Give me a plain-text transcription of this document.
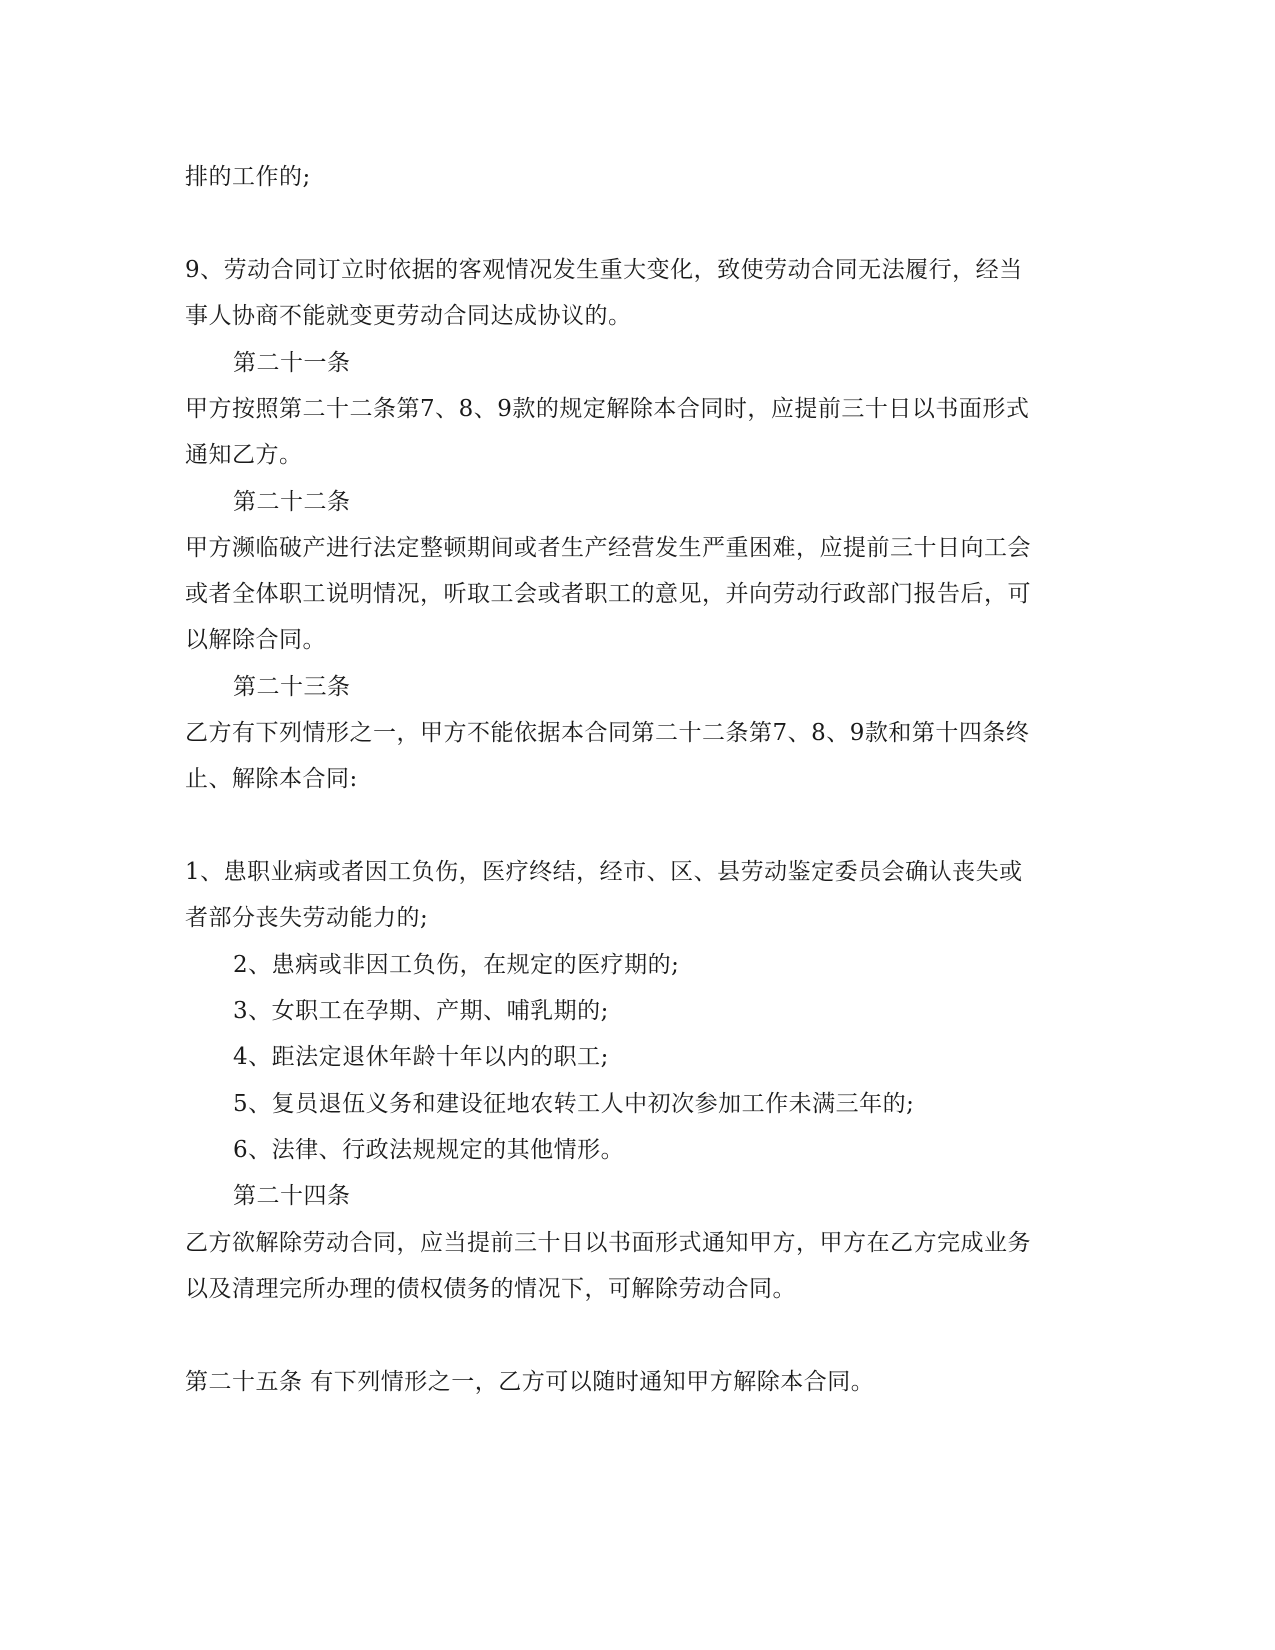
排的工作的;
9、劳动合同订立时依据的客观情况发生重大变化，致使劳动合同无法履行，经当
事人协商不能就变更劳动合同达成协议的。
第二十一条
甲方按照第二十二条第7、8、9款的规定解除本合同时，应提前三十日以书面形式
通知乙方。
第二十二条
甲方濒临破产进行法定整顿期间或者生产经营发生严重困难，应提前三十日向工会
或者全体职工说明情况，听取工会或者职工的意见，并向劳动行政部门报告后，可
以解除合同。
第二十三条
乙方有下列情形之一，甲方不能依据本合同第二十二条第7、8、9款和第十四条终
止、解除本合同:
1、患职业病或者因工负伤，医疗终结，经市、区、县劳动鉴定委员会确认丧失或
者部分丧失劳动能力的;
2、患病或非因工负伤，在规定的医疗期的;
3、女职工在孕期、产期、哺乳期的;
4、距法定退休年龄十年以内的职工;
5、复员退伍义务和建设征地农转工人中初次参加工作未满三年的;
6、法律、行政法规规定的其他情形。
第二十四条
乙方欲解除劳动合同，应当提前三十日以书面形式通知甲方，甲方在乙方完成业务
以及清理完所办理的债权债务的情况下，可解除劳动合同。
第二十五条 有下列情形之一，乙方可以随时通知甲方解除本合同。
